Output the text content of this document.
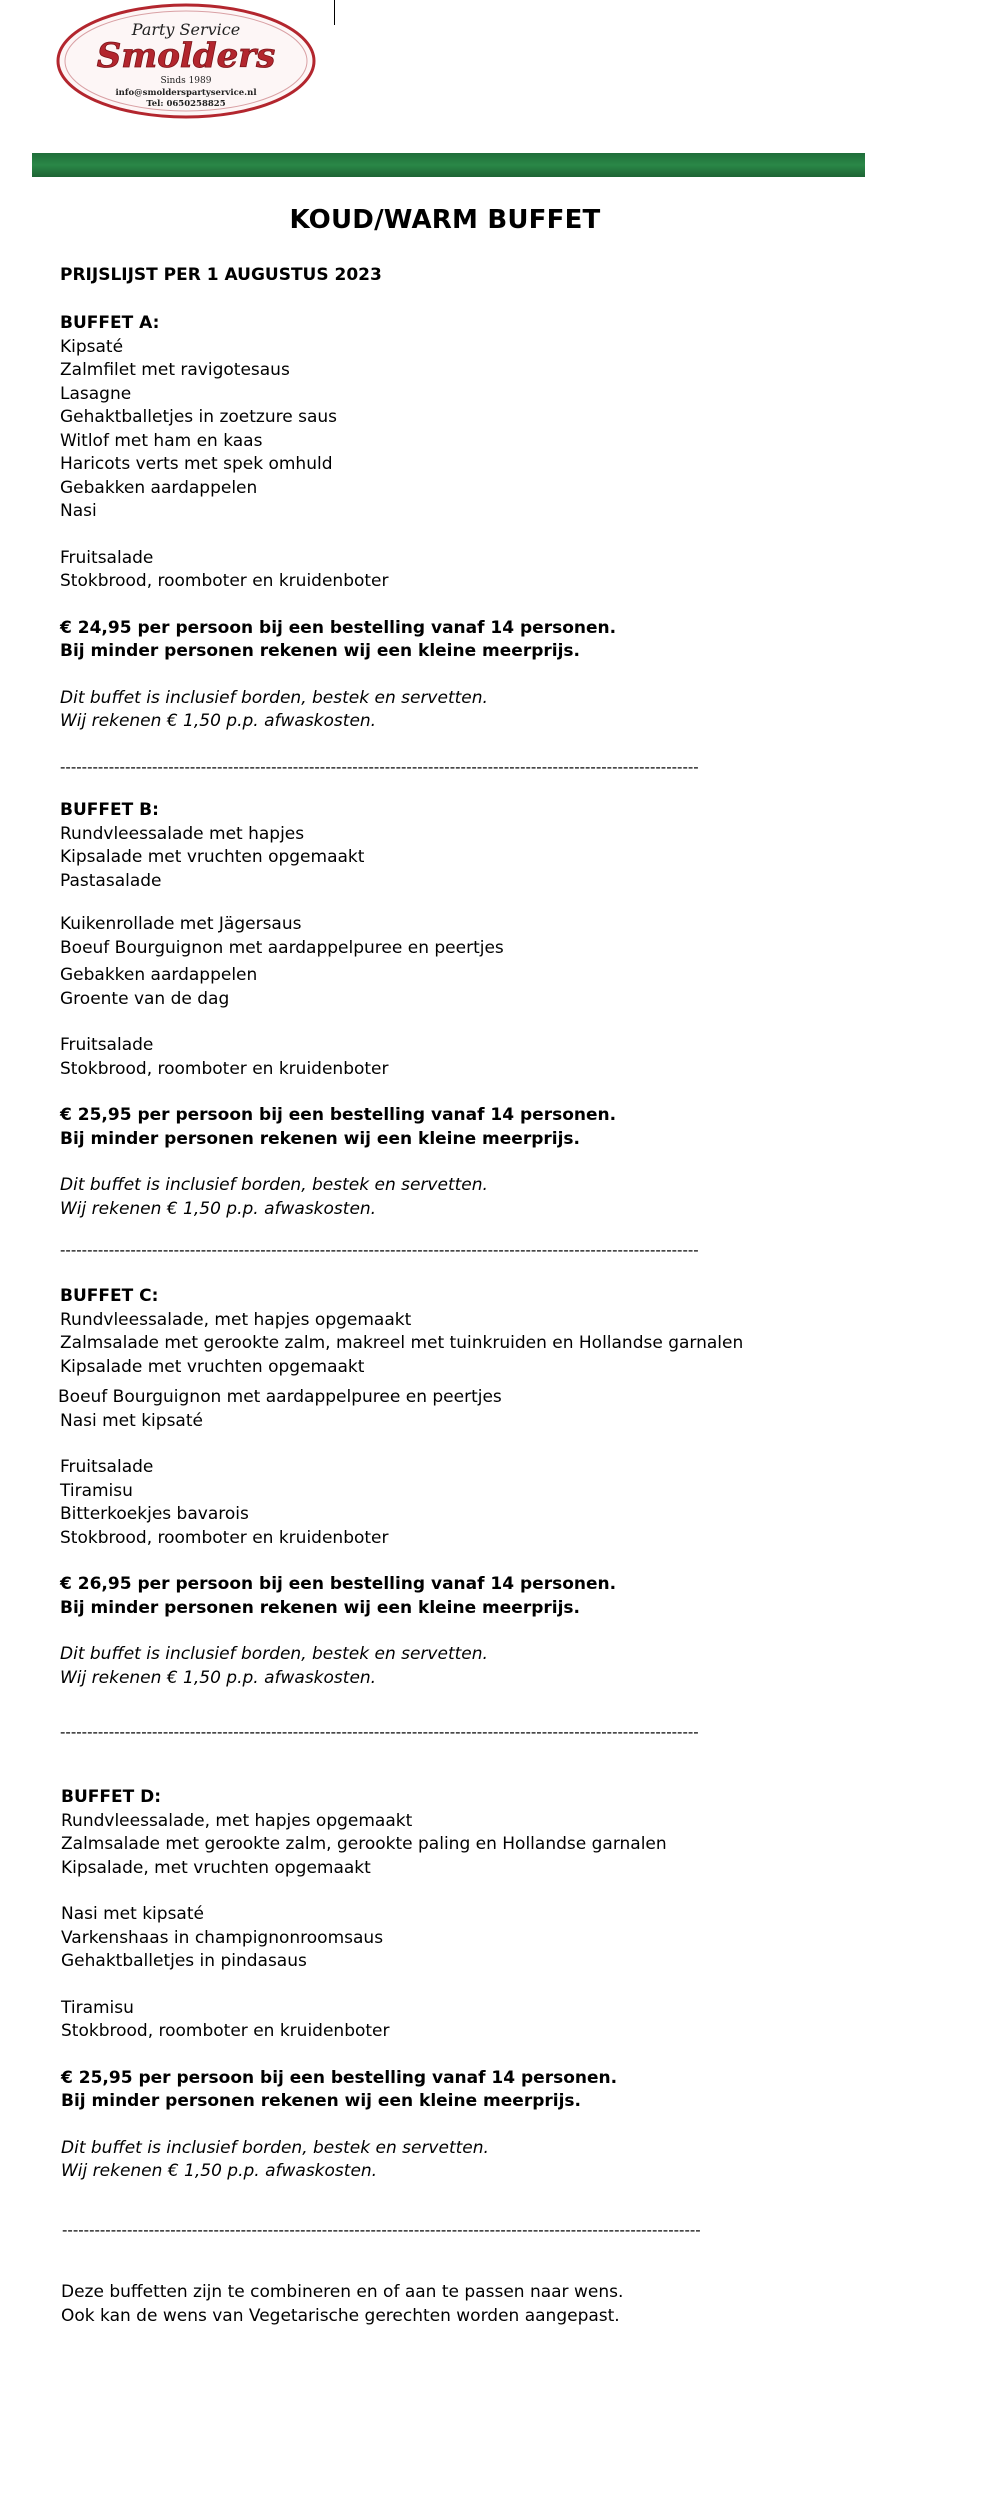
Party Service
Smolders
Sinds 1989
info@smolderspartyservice.nl
Tel: 0650258825
KOUD/WARM BUFFET
PRIJSLIJST PER 1 AUGUSTUS 2023
BUFFET A:
Kipsaté
Zalmfilet met ravigotesaus
Lasagne
Gehaktballetjes in zoetzure saus
Witlof met ham en kaas
Haricots verts met spek omhuld
Gebakken aardappelen
Nasi
Fruitsalade
Stokbrood, roomboter en kruidenboter
€ 24,95 per persoon bij een bestelling vanaf 14 personen.
Bij minder personen rekenen wij een kleine meerprijs.
Dit buffet is inclusief borden, bestek en servetten.
Wij rekenen € 1,50 p.p. afwaskosten.
----------------------------------------------------------------------------------------------------------------------
BUFFET B:
Rundvleessalade met hapjes
Kipsalade met vruchten opgemaakt
Pastasalade
Kuikenrollade met Jägersaus
Boeuf Bourguignon met aardappelpuree en peertjes
Gebakken aardappelen
Groente van de dag
Fruitsalade
Stokbrood, roomboter en kruidenboter
€ 25,95 per persoon bij een bestelling vanaf 14 personen.
Bij minder personen rekenen wij een kleine meerprijs.
Dit buffet is inclusief borden, bestek en servetten.
Wij rekenen € 1,50 p.p. afwaskosten.
----------------------------------------------------------------------------------------------------------------------
BUFFET C:
Rundvleessalade, met hapjes opgemaakt
Zalmsalade met gerookte zalm, makreel met tuinkruiden en Hollandse garnalen
Kipsalade met vruchten opgemaakt
Boeuf Bourguignon met aardappelpuree en peertjes
Nasi met kipsaté
Fruitsalade
Tiramisu
Bitterkoekjes bavarois
Stokbrood, roomboter en kruidenboter
€ 26,95 per persoon bij een bestelling vanaf 14 personen.
Bij minder personen rekenen wij een kleine meerprijs.
Dit buffet is inclusief borden, bestek en servetten.
Wij rekenen € 1,50 p.p. afwaskosten.
----------------------------------------------------------------------------------------------------------------------
BUFFET D:
Rundvleessalade, met hapjes opgemaakt
Zalmsalade met gerookte zalm, gerookte paling en Hollandse garnalen
Kipsalade, met vruchten opgemaakt
Nasi met kipsaté
Varkenshaas in champignonroomsaus
Gehaktballetjes in pindasaus
Tiramisu
Stokbrood, roomboter en kruidenboter
€ 25,95 per persoon bij een bestelling vanaf 14 personen.
Bij minder personen rekenen wij een kleine meerprijs.
Dit buffet is inclusief borden, bestek en servetten.
Wij rekenen € 1,50 p.p. afwaskosten.
----------------------------------------------------------------------------------------------------------------------
Deze buffetten zijn te combineren en of aan te passen naar wens.
Ook kan de wens van Vegetarische gerechten worden aangepast.
